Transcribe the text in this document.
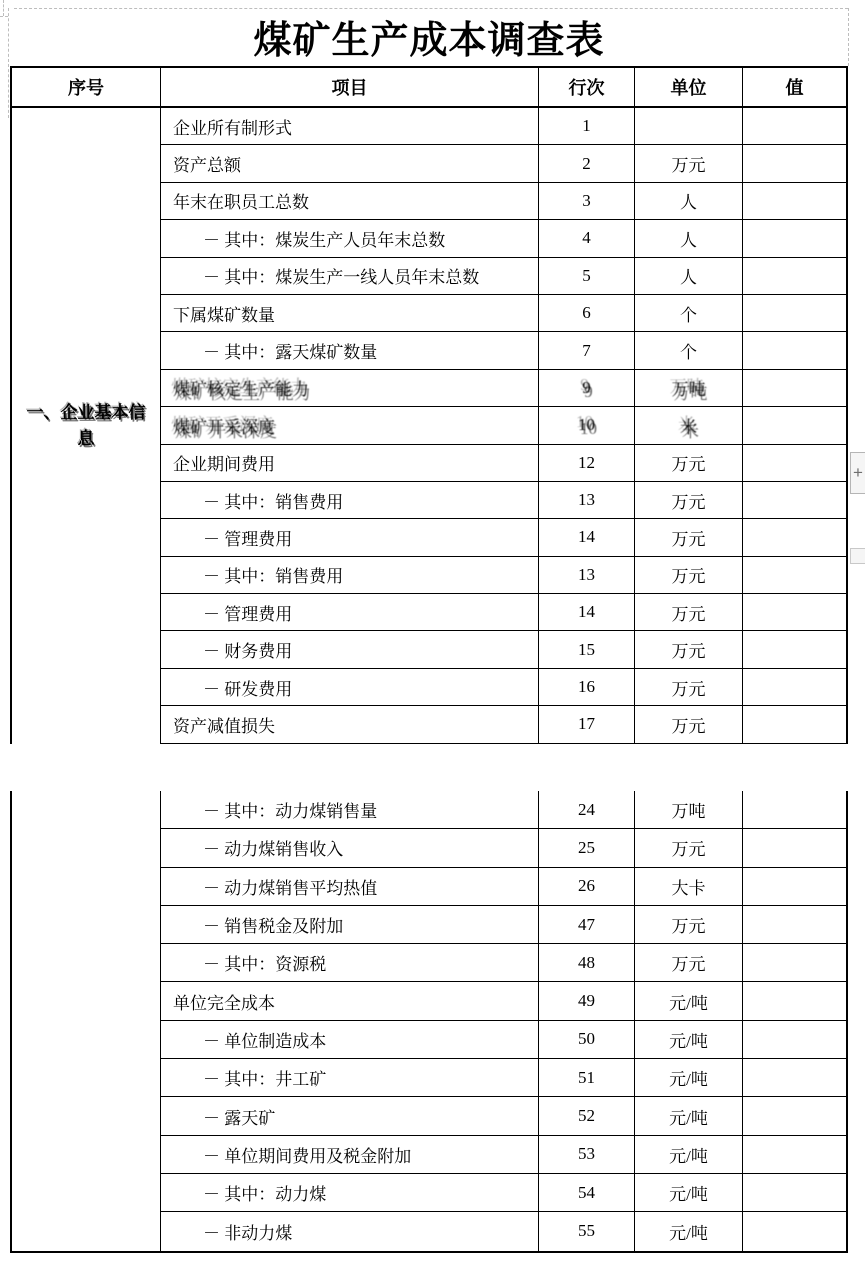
煤矿生产成本调查表
序号	项目	行次	单位	值
一、企业基本信息
企业所有制形式	1
资产总额	2	万元
年末在职员工总数	3	人
－ 其中：煤炭生产人员年末总数	4	人
－ 其中：煤炭生产一线人员年末总数	5	人
下属煤矿数量	6	个
－ 其中：露天煤矿数量	7	个
煤矿核定生产能力	9	万吨
煤矿开采深度	10	米
企业期间费用	12	万元
－ 其中：销售费用	13	万元
－ 管理费用	14	万元
－ 其中：销售费用	13	万元
－ 管理费用	14	万元
－ 财务费用	15	万元
－ 研发费用	16	万元
资产减值损失	17	万元
－ 其中：动力煤销售量	24	万吨
－ 动力煤销售收入	25	万元
－ 动力煤销售平均热值	26	大卡
－ 销售税金及附加	47	万元
－ 其中：资源税	48	万元
单位完全成本	49	元/吨
－ 单位制造成本	50	元/吨
－ 其中：井工矿	51	元/吨
－ 露天矿	52	元/吨
－ 单位期间费用及税金附加	53	元/吨
－ 其中：动力煤	54	元/吨
－ 非动力煤	55	元/吨
+
